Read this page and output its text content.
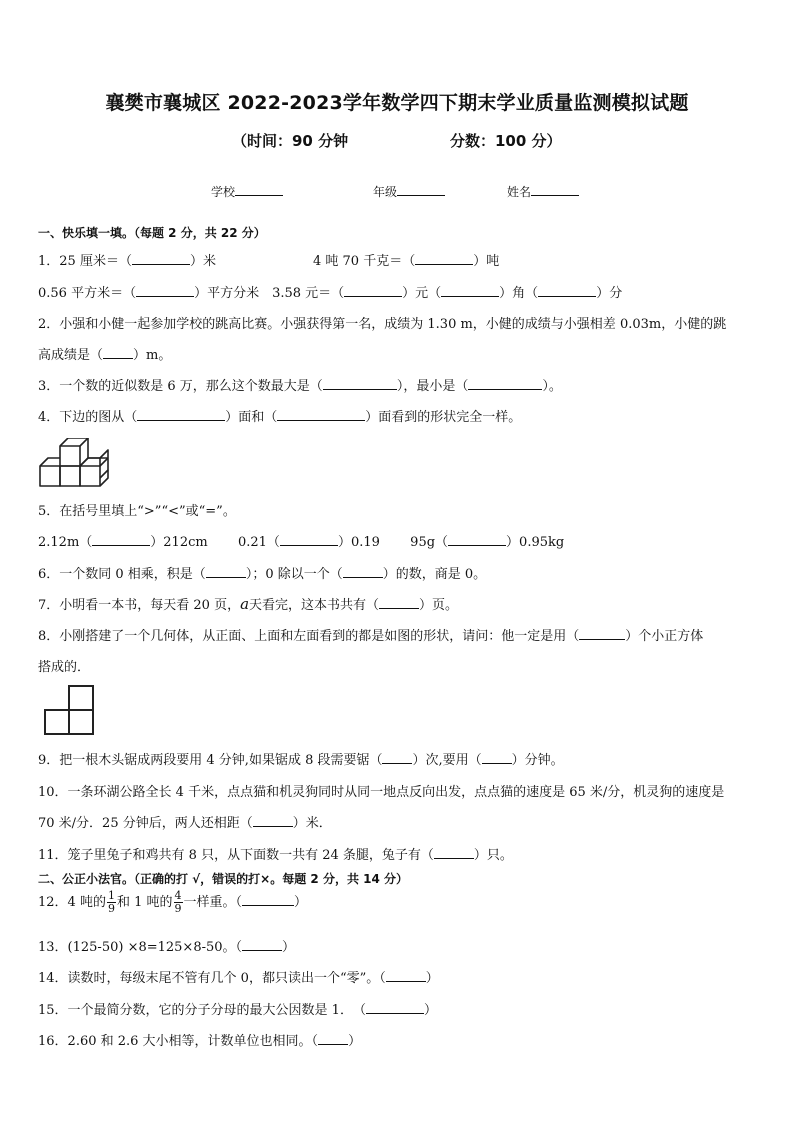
襄樊市襄城区 2022-2023学年数学四下期末学业质量监测模拟试题
（时间：90 分钟	分数：100 分）
学校	年级	姓名
一、快乐填一填。（每题 2 分，共 22 分）
1．25 厘米＝（	）米	4 吨 70 千克＝（	）吨
0.56 平方米＝（	）平方分米　3.58 元＝（	）元（	）角（	）分
2．小强和小健一起参加学校的跳高比赛。小强获得第一名，成绩为 1.30 m，小健的成绩与小强相差 0.03m，小健的跳
高成绩是（ ）m。
3．一个数的近似数是 6 万，那么这个数最大是（	），最小是（	）。
4．下边的图从（	）面和（	）面看到的形状完全一样。
5．在括号里填上“>”“<”或“=”。
2.12m（	）212cm 0.21（	）0.19 95g（	）0.95kg
6．一个数同 0 相乘，积是（	）；0 除以一个（	）的数，商是 0。
7．小明看一本书，每天看 20 页，a天看完，这本书共有（	）页。
8．小刚搭建了一个几何体，从正面、上面和左面看到的都是如图的形状，请问：他一定是用（	）个小正方体
搭成的．
9．把一根木头锯成两段要用 4 分钟,如果锯成 8 段需要锯（ ）次,要用（ ）分钟。
10．一条环湖公路全长 4 千米，点点猫和机灵狗同时从同一地点反向出发，点点猫的速度是 65 米/分，机灵狗的速度是
70 米/分．25 分钟后，两人还相距（	）米．
11．笼子里兔子和鸡共有 8 只，从下面数一共有 24 条腿，兔子有（	）只。
二、公正小法官。（正确的打 √，错误的打×。每题 2 分，共 14 分）
12．4 吨的 $\frac{1}{9}$ 和 1 吨的 $\frac{4}{9}$ 一样重。（	）
13．(125-50) ×8=125×8-50。（	）
14．读数时，每级末尾不管有几个 0，都只读出一个“零”。（	）
15．一个最简分数，它的分子分母的最大公因数是 1．　（	）
16．2.60 和 2.6 大小相等，计数单位也相同。（ ）
